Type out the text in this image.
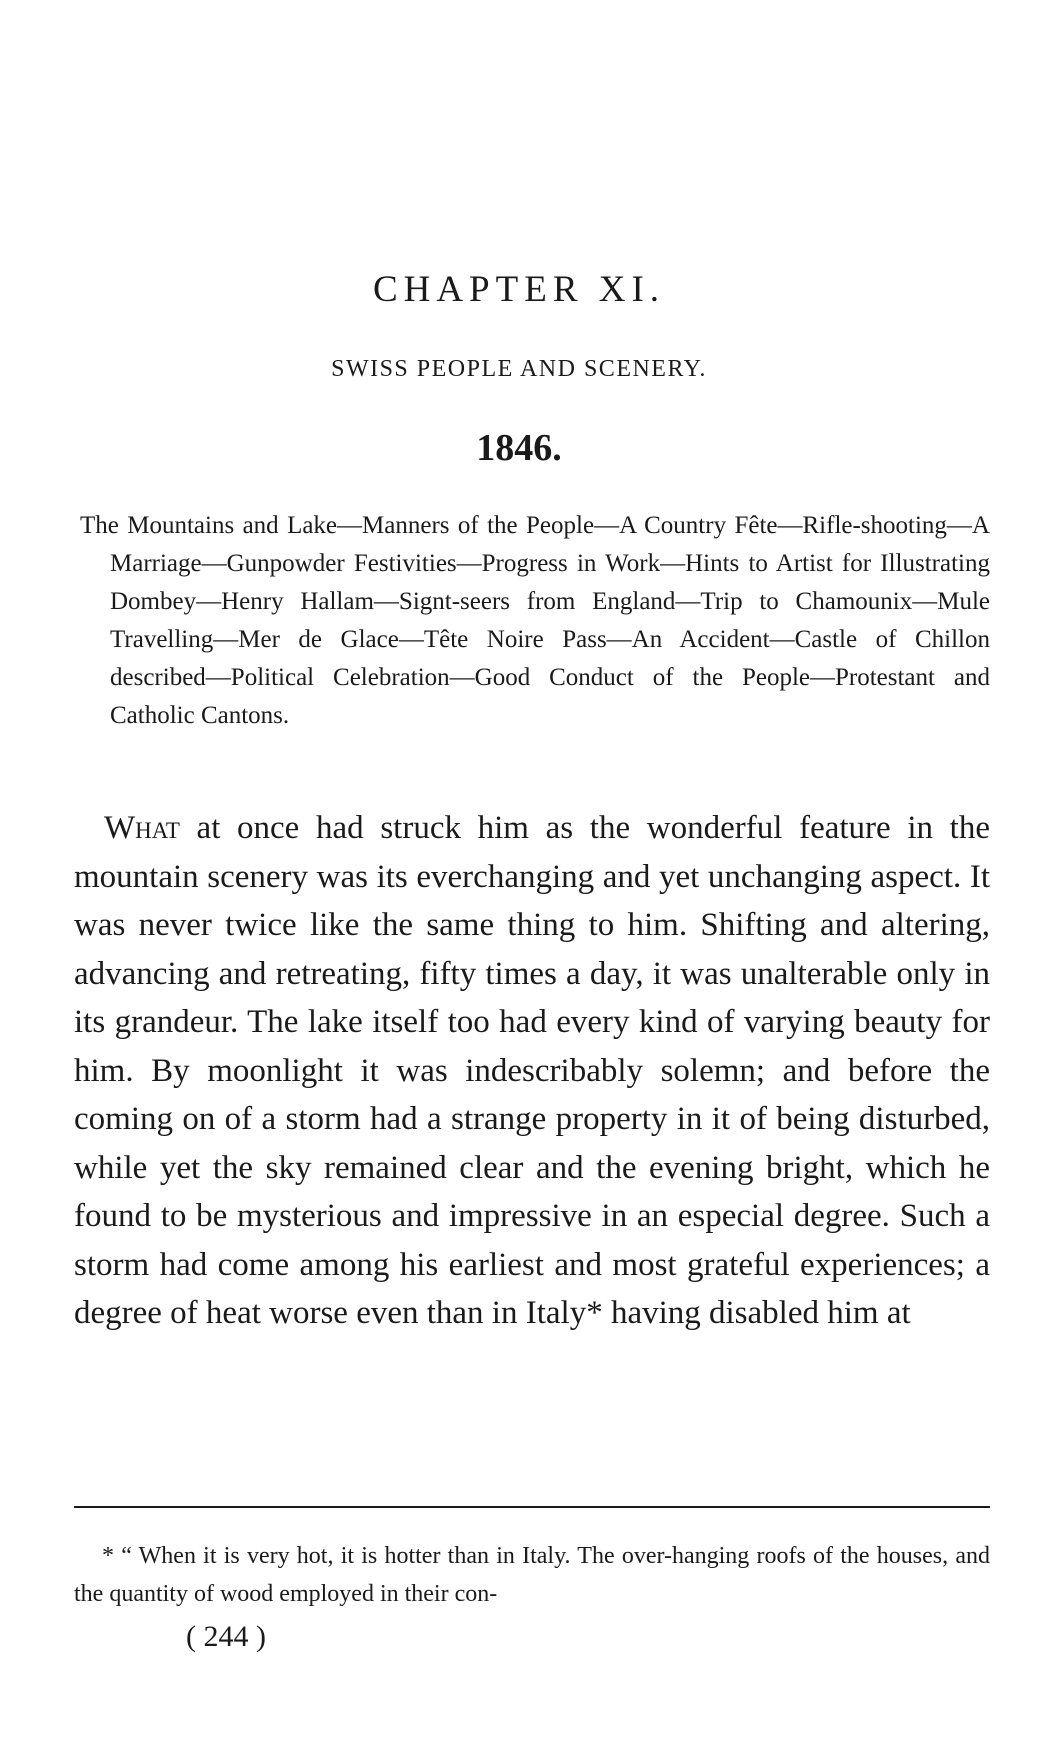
CHAPTER XI.
SWISS PEOPLE AND SCENERY.
1846.
The Mountains and Lake—Manners of the People—A Country Fête—Rifle-shooting—A Marriage—Gunpowder Festivities—Progress in Work—Hints to Artist for Illustrating Dombey—Henry Hallam—Signt-seers from England—Trip to Chamounix—Mule Travelling—Mer de Glace—Tête Noire Pass—An Accident—Castle of Chillon described—Political Celebration—Good Conduct of the People—Protestant and Catholic Cantons.
What at once had struck him as the wonderful feature in the mountain scenery was its everchanging and yet unchanging aspect. It was never twice like the same thing to him. Shifting and altering, advancing and retreating, fifty times a day, it was unalterable only in its grandeur. The lake itself too had every kind of varying beauty for him. By moonlight it was indescribably solemn; and before the coming on of a storm had a strange property in it of being disturbed, while yet the sky remained clear and the evening bright, which he found to be mysterious and impressive in an especial degree. Such a storm had come among his earliest and most grateful experiences; a degree of heat worse even than in Italy* having disabled him at
* “ When it is very hot, it is hotter than in Italy. The over-hanging roofs of the houses, and the quantity of wood employed in their con-
( 244 )
